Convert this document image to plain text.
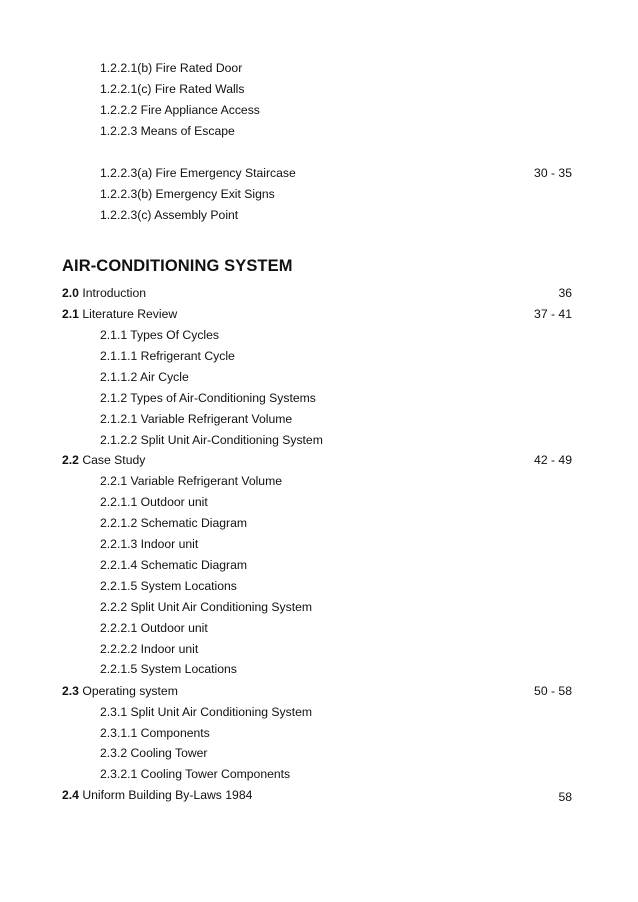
1.2.2.1(b) Fire Rated Door
1.2.2.1(c) Fire Rated Walls
1.2.2.2 Fire Appliance Access
1.2.2.3 Means of Escape
1.2.2.3(a) Fire Emergency Staircase	30 - 35
1.2.2.3(b) Emergency Exit Signs
1.2.2.3(c) Assembly Point
AIR-CONDITIONING SYSTEM
2.0 Introduction	36
2.1 Literature Review	37 - 41
2.1.1 Types Of Cycles
2.1.1.1 Refrigerant Cycle
2.1.1.2 Air Cycle
2.1.2 Types of Air-Conditioning Systems
2.1.2.1 Variable Refrigerant Volume
2.1.2.2 Split Unit Air-Conditioning System
2.2 Case Study	42 - 49
2.2.1 Variable Refrigerant Volume
2.2.1.1 Outdoor unit
2.2.1.2 Schematic Diagram
2.2.1.3 Indoor unit
2.2.1.4 Schematic Diagram
2.2.1.5 System Locations
2.2.2 Split Unit Air Conditioning System
2.2.2.1 Outdoor unit
2.2.2.2 Indoor unit
2.2.1.5 System Locations
2.3 Operating system	50 - 58
2.3.1 Split Unit Air Conditioning System
2.3.1.1 Components
2.3.2 Cooling Tower
2.3.2.1 Cooling Tower Components
2.4 Uniform Building By-Laws 1984	58
